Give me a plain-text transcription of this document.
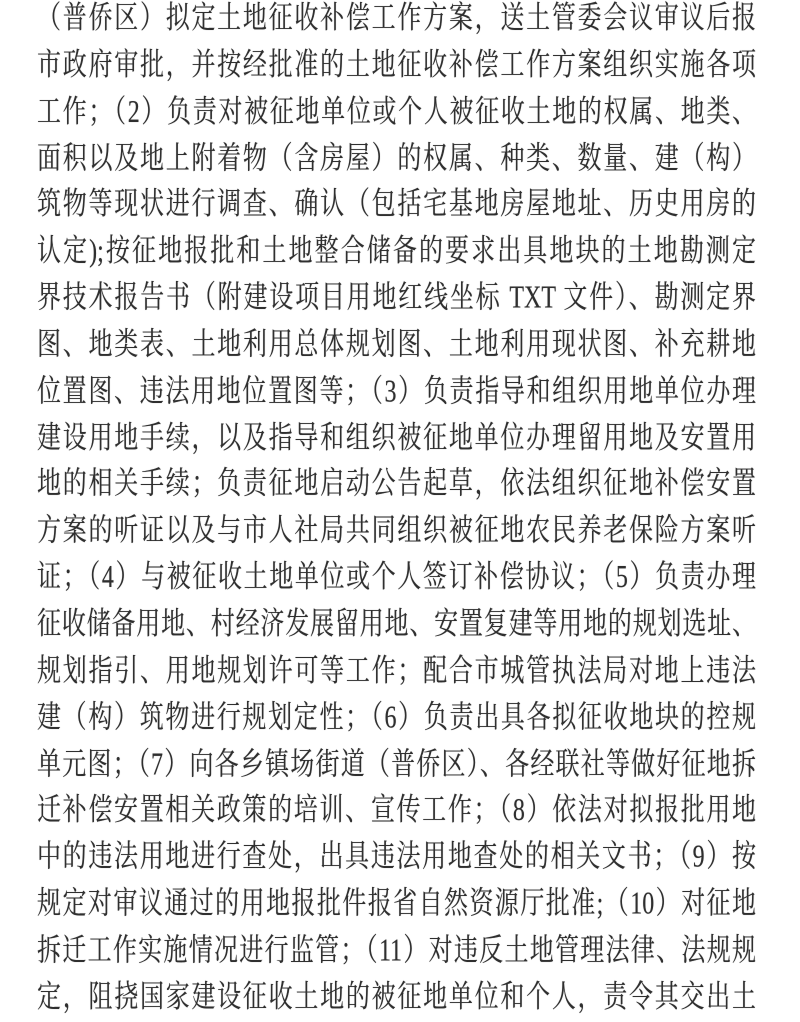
（普侨区）拟定土地征收补偿工作方案，送土管委会议审议后报
市政府审批，并按经批准的土地征收补偿工作方案组织实施各项
工作；（2）负责对被征地单位或个人被征收土地的权属、地类、
面积以及地上附着物（含房屋）的权属、种类、数量、建（构）
筑物等现状进行调查、确认（包括宅基地房屋地址、历史用房的
认定);按征地报批和土地整合储备的要求出具地块的土地勘测定
界技术报告书（附建设项目用地红线坐标 TXT 文件）、勘测定界
图、地类表、土地利用总体规划图、土地利用现状图、补充耕地
位置图、违法用地位置图等；（3）负责指导和组织用地单位办理
建设用地手续，以及指导和组织被征地单位办理留用地及安置用
地的相关手续；负责征地启动公告起草，依法组织征地补偿安置
方案的听证以及与市人社局共同组织被征地农民养老保险方案听
证；（4）与被征收土地单位或个人签订补偿协议；（5）负责办理
征收储备用地、村经济发展留用地、安置复建等用地的规划选址、
规划指引、用地规划许可等工作；配合市城管执法局对地上违法
建（构）筑物进行规划定性；（6）负责出具各拟征收地块的控规
单元图；（7）向各乡镇场街道（普侨区）、各经联社等做好征地拆
迁补偿安置相关政策的培训、宣传工作；（8）依法对拟报批用地
中的违法用地进行查处，出具违法用地查处的相关文书；（9）按
规定对审议通过的用地报批件报省自然资源厅批准;（10）对征地
拆迁工作实施情况进行监管；（11）对违反土地管理法律、法规规
定，阻挠国家建设征收土地的被征地单位和个人，责令其交出土
